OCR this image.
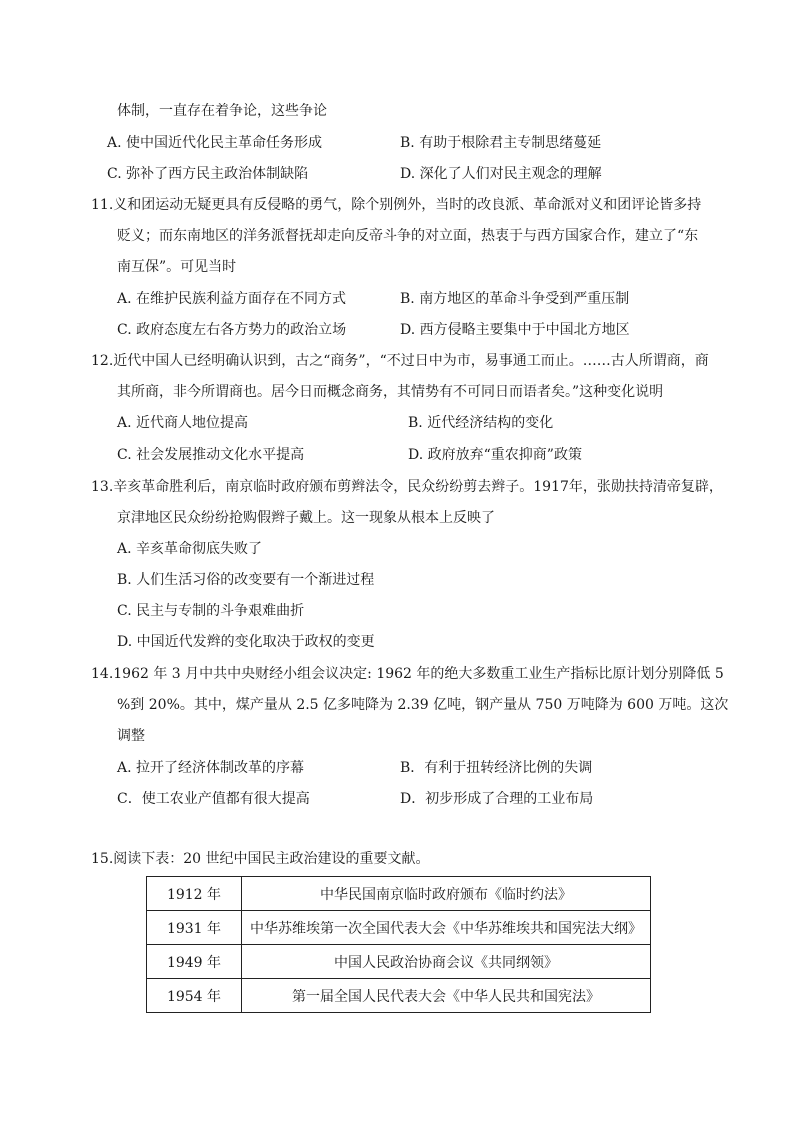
体制，一直存在着争论，这些争论
A. 使中国近代化民主革命任务形成	B. 有助于根除君主专制思绪蔓延
C. 弥补了西方民主政治体制缺陷	D. 深化了人们对民主观念的理解
11.义和团运动无疑更具有反侵略的勇气，除个别例外，当时的改良派、革命派对义和团评论皆多持
贬义；而东南地区的洋务派督抚却走向反帝斗争的对立面，热衷于与西方国家合作，建立了“东
南互保”。可见当时
A. 在维护民族利益方面存在不同方式	B. 南方地区的革命斗争受到严重压制
C. 政府态度左右各方势力的政治立场	D. 西方侵略主要集中于中国北方地区
12.近代中国人已经明确认识到，古之“商务”，“不过日中为市，易事通工而止。……古人所谓商，商
其所商，非今所谓商也。居今日而概念商务，其情势有不可同日而语者矣。”这种变化说明
A. 近代商人地位提高	B. 近代经济结构的变化
C. 社会发展推动文化水平提高	D. 政府放弃“重农抑商”政策
13.辛亥革命胜利后，南京临时政府颁布剪辫法令，民众纷纷剪去辫子。1917年，张勋扶持清帝复辟，
京津地区民众纷纷抢购假辫子戴上。这一现象从根本上反映了
A. 辛亥革命彻底失败了
B. 人们生活习俗的改变要有一个渐进过程
C. 民主与专制的斗争艰难曲折
D. 中国近代发辫的变化取决于政权的变更
14.1962 年 3 月中共中央财经小组会议决定: 1962 年的绝大多数重工业生产指标比原计划分别降低 5
%到 20%。其中，煤产量从 2.5 亿多吨降为 2.39 亿吨，钢产量从 750 万吨降为 600 万吨。这次
调整
A. 拉开了经济体制改革的序幕	B．有利于扭转经济比例的失调
C．使工农业产值都有很大提高	D．初步形成了合理的工业布局
15.阅读下表：20 世纪中国民主政治建设的重要文献。
1912 年	中华民国南京临时政府颁布《临时约法》
1931 年	中华苏维埃第一次全国代表大会《中华苏维埃共和国宪法大纲》
1949 年	中国人民政治协商会议《共同纲领》
1954 年	第一届全国人民代表大会《中华人民共和国宪法》
